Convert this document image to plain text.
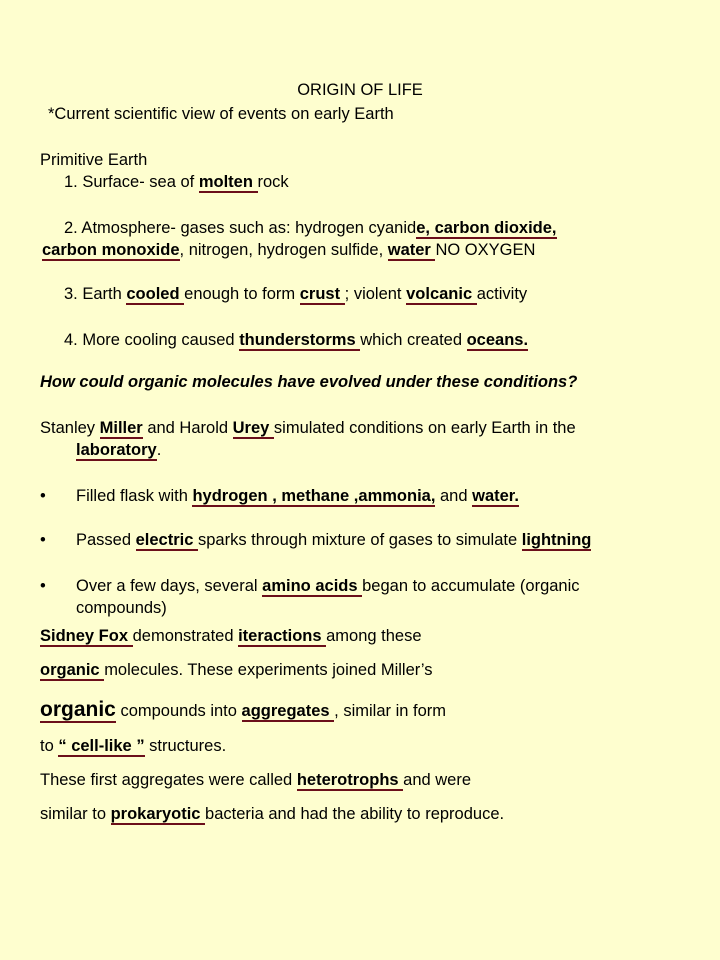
ORIGIN OF LIFE
*Current scientific view of events on early Earth
Primitive Earth
1. Surface- sea of molten rock
2. Atmosphere- gases such as: hydrogen cyanide, carbon dioxide,
carbon monoxide, nitrogen, hydrogen sulfide, water NO OXYGEN
3. Earth cooled enough to form crust ; violent volcanic activity
4. More cooling caused thunderstorms which created oceans.
How could organic molecules have evolved under these conditions?
Stanley Miller and Harold Urey simulated conditions on early Earth in the
laboratory.
• Filled flask with hydrogen , methane ,ammonia, and water.
• Passed electric sparks through mixture of gases to simulate lightning
• Over a few days, several amino acids began to accumulate (organic
compounds)
Sidney Fox demonstrated iteractions among these
organic molecules. These experiments joined Miller’s
organic compounds into aggregates , similar in form
to “ cell-like ” structures.
These first aggregates were called heterotrophs and were
similar to prokaryotic bacteria and had the ability to reproduce.
